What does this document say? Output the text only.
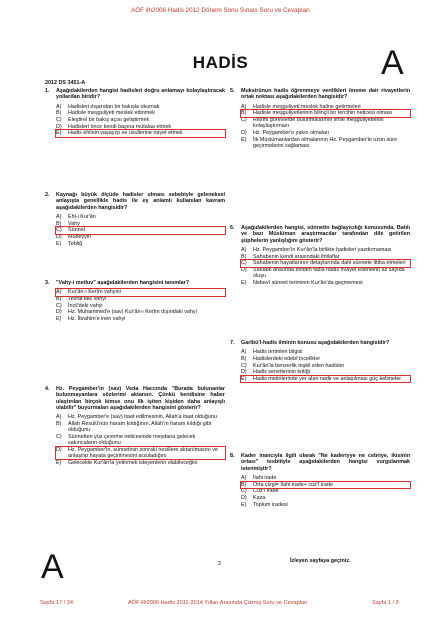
AÖF ilh2006 Hadis 2012 Dönem Sonu Sınavı Soru ve Cevapları
HADİS	A
2012 DS 3451-A
1.	Aşağıdakilerden hangisi hadisleri doğru anlamayı kolaylaştıracak yollardan biridir?
A)	Hadisleri dışarıdan bir bakışla okumak
B)	Hadisle meşguliyeti meslek edinmek
C)	Eleştirel bir bakış açısı geliştirmek
D)	Hadisleri önce kendi başına mütalaa etmek
E)	Hadis ehlinin yaşayışı ve usullerine riayet etmek
2.	Kaynağı büyük ölçüde hadisler olması sebebiyle geleneksel anlayışta genellikle hadis ile eş anlamlı kullanılan kavram aşağıdakilerden hangisidir?
A)	Ehl-i Kur'ân
B)	Vahy
C)	Sünnet
D)	Mübeyyin
E)	Tebliğ
3.	"Vahy-i metluv" aşağıdakilerden hangisini tanımlar?
A)	Kur'ân-ı Kerîm vahyini
B)	Tevrat'taki vahyi
C)	İncil'deki vahyi
D)	Hz. Muhammed'e (sav) Kur'ân-ı Kerîm dışındaki vahyi
E)	Hz. İbrahim'e inen vahyi
4.	Hz. Peygamber'in (sav) Veda Haccında "Burada bulunanlar bulunmayanlara sözlerimi aktarsın. Çünkü kendisine haber ulaştırılan birçok kimse onu ilk işiten kişiden daha anlayışlı olabilir" buyurmaları aşağıdakilerden hangisini gösterir?
A)	Hz. Peygamber'e (sav) itaat edilmesinin, Allah'a itaat olduğunu
B)	Allah Resulü'nün haram kıldığının, Allah'ın haram kıldığı gibi olduğunu
C)	Sünnetten yüz çevirme neticesinde meydana gelecek sakıncaların olduğunu
D)	Hz. Peygamber'in, sünnetinin sonraki nesillere aktarılmasını ve anlaşılıp hayata geçirilmesini arzuladığını
E)	Gelecekte Kur'ân'la yetinmek isteyenlerin olabileceğini
5.	Muksirûnun hadis öğrenmeye verdikleri öneme dair rivayetlerin ortak noktası aşağıdakilerden hangisidir?
A)	Hadisle meşguliyeti meslek haline getirmeleri
B)	Hadisle meşguliyetlerinin bilinçli bir tercihin neticesi olması
C)	Resmi görevlerde bulunmalarının ilmle meşguliyetlerini kolaylaştırması
D)	Hz. Peygamber'e yakın olmaları
E)	İlk Müslümanlardan olmalarının Hz. Peygamber'le uzun süre geçirmelerini sağlaması
6.	Aşağıdakilerden hangisi, sünnetin bağlayıcılığı konusunda, Batılı ve bazı Müslüman araştırmacılar tarafından dile getirilen şüphelerin yanlışlığını gösterir?
A)	Hz. Peygamber'in Kur'ân'la birlikte hadisleri yazdırmaması
B)	Sahabenin kendi arasındaki ihtilaflar
C)	Sahabenin hayatlarının detaylarında dahi sünnete ittiba etmeleri
D)	Sahabe arasında binden fazla hadis rivayet edenlerin az sayıda oluşu
E)	Nebevî sünnet teriminin Kur'ân'da geçmemesi
7.	Garîbü'l-hadis ilminin konusu aşağıdakilerden hangisidir?
A)	Hadis terimleri bilgisi
B)	Hadislerdeki edebî incelikler
C)	Kur'ân'la benzerlik teşkil eden hadisler
D)	Hadis senetlerinin kritiği
E)	Hadis metinlerinde yer alan nadir ve anlaşılması güç kelimeler
8.	Kader inancıyla ilgili olarak "Ne kaderiyye ne cebriye, ikisinin ortası" tesbitiyle aşağıdakilerden hangisi vurgulanmak istenmiştir?
A)	İlahi irade
B)	Orta çizgi= İlahi irade+ cüz'î irade
C)	Cüz'î irade
D)	Kaza
E)	Toplum iradesi
A	2	İzleyen sayfaya geçiniz.
Sayfa 17 / 34	AÖF ilh2006 Hadis 2011-2014 Yılları Arasında Çıkmış Soru ve Cevapları	Sayfa 1 / 3
